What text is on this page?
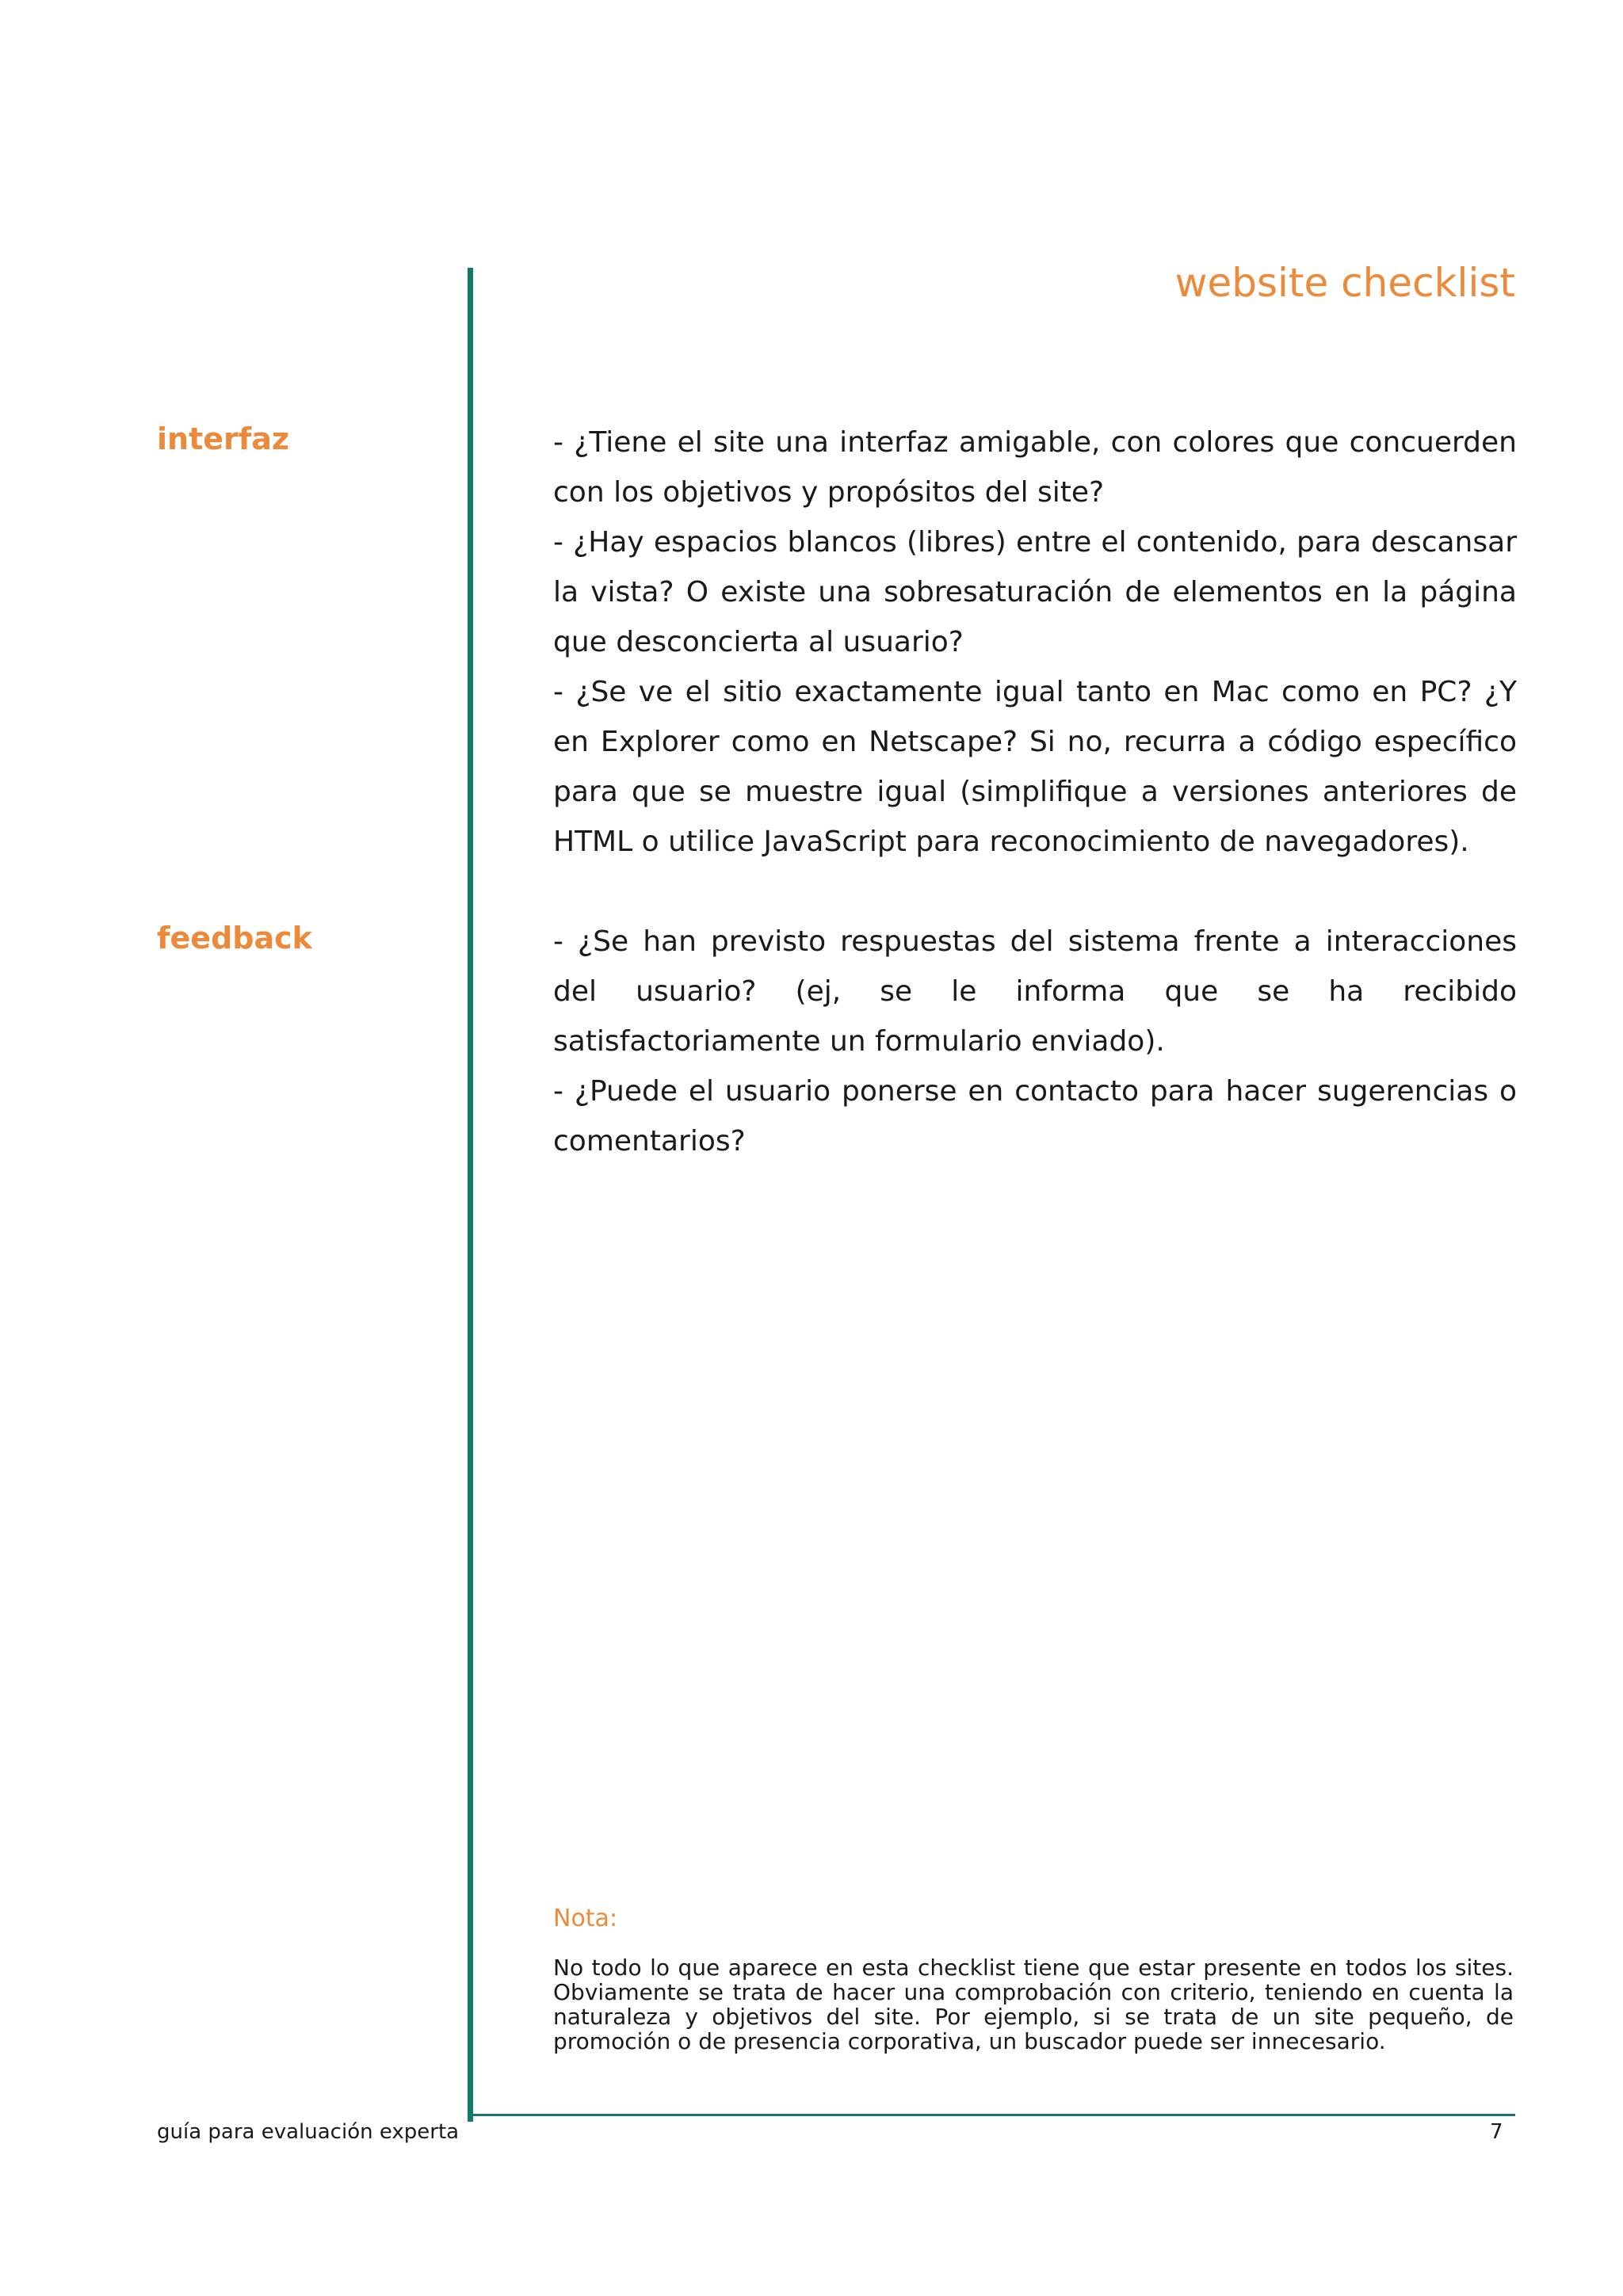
website checklist
interfaz	- ¿Tiene el site una interfaz amigable, con colores que concuerden con los objetivos y propósitos del site?

- ¿Hay espacios blancos (libres) entre el contenido, para descansar la vista? O existe una sobresaturación de elementos en la página que desconcierta al usuario?

- ¿Se ve el sitio exactamente igual tanto en Mac como en PC? ¿Y en Explorer como en Netscape? Si no, recurra a código específico para que se muestre igual (simplifique a versiones anteriores de HTML o utilice JavaScript para reconocimiento de navegadores).

feedback	- ¿Se han previsto respuestas del sistema frente a interacciones del usuario? (ej, se le informa que se ha recibido satisfactoriamente un formulario enviado).

- ¿Puede el usuario ponerse en contacto para hacer sugerencias o comentarios?

Nota:

No todo lo que aparece en esta checklist tiene que estar presente en todos los sites. Obviamente se trata de hacer una comprobación con criterio, teniendo en cuenta la naturaleza y objetivos del site. Por ejemplo, si se trata de un site pequeño, de promoción o de presencia corporativa, un buscador puede ser innecesario.

guía para evaluación experta	7
